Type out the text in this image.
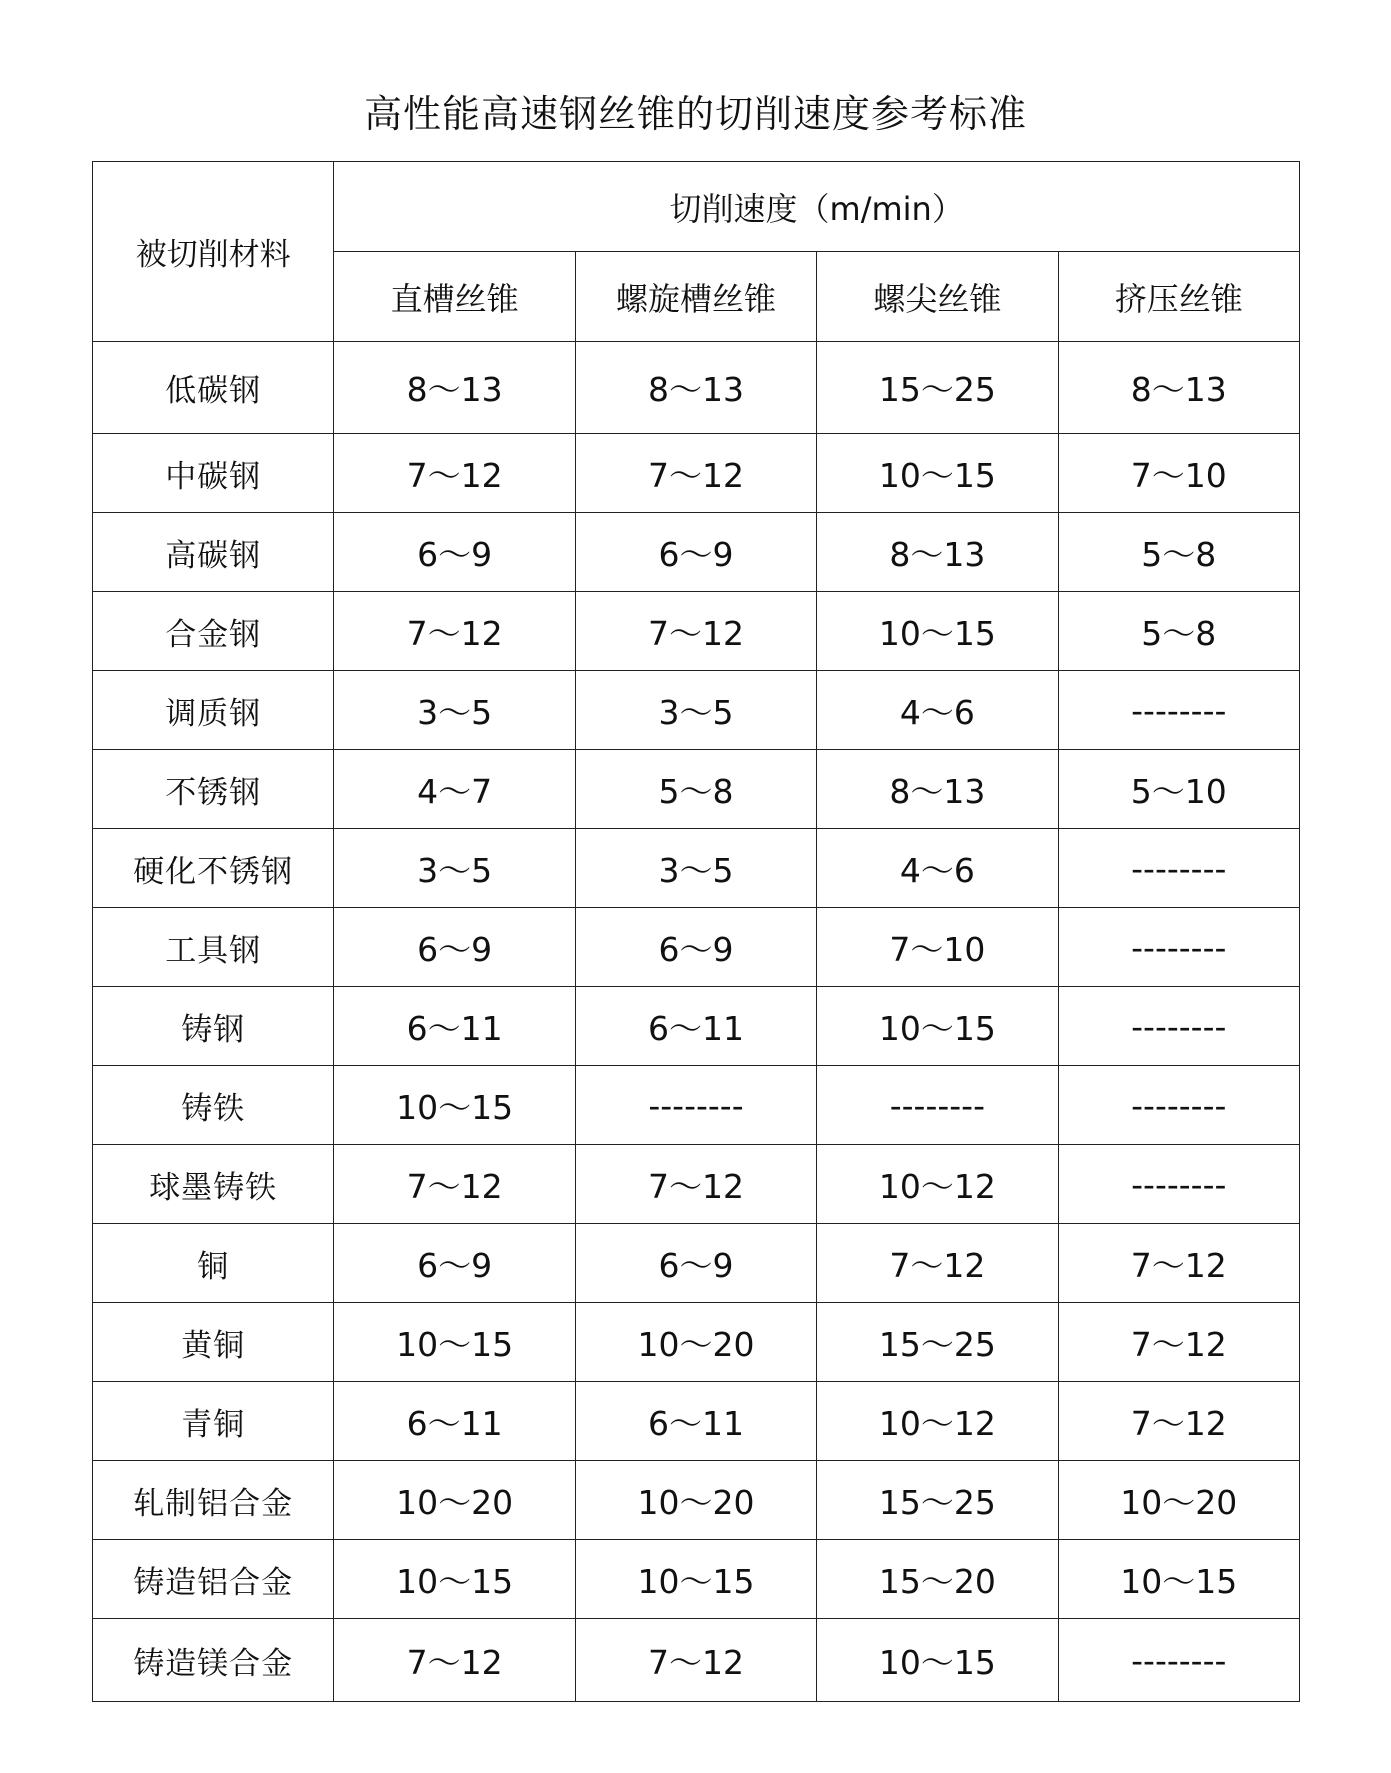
高性能高速钢丝锥的切削速度参考标准
被切削材料	切削速度（m/min）			
	直槽丝锥	螺旋槽丝锥	螺尖丝锥	挤压丝锥
低碳钢	8～13	8～13	15～25	8～13
中碳钢	7～12	7～12	10～15	7～10
高碳钢	6～9	6～9	8～13	5～8
合金钢	7～12	7～12	10～15	5～8
调质钢	3～5	3～5	4～6	--------
不锈钢	4～7	5～8	8～13	5～10
硬化不锈钢	3～5	3～5	4～6	--------
工具钢	6～9	6～9	7～10	--------
铸钢	6～11	6～11	10～15	--------
铸铁	10～15	--------	--------	--------
球墨铸铁	7～12	7～12	10～12	--------
铜	6～9	6～9	7～12	7～12
黄铜	10～15	10～20	15～25	7～12
青铜	6～11	6～11	10～12	7～12
轧制铝合金	10～20	10～20	15～25	10～20
铸造铝合金	10～15	10～15	15～20	10～15
铸造镁合金	7～12	7～12	10～15	--------
